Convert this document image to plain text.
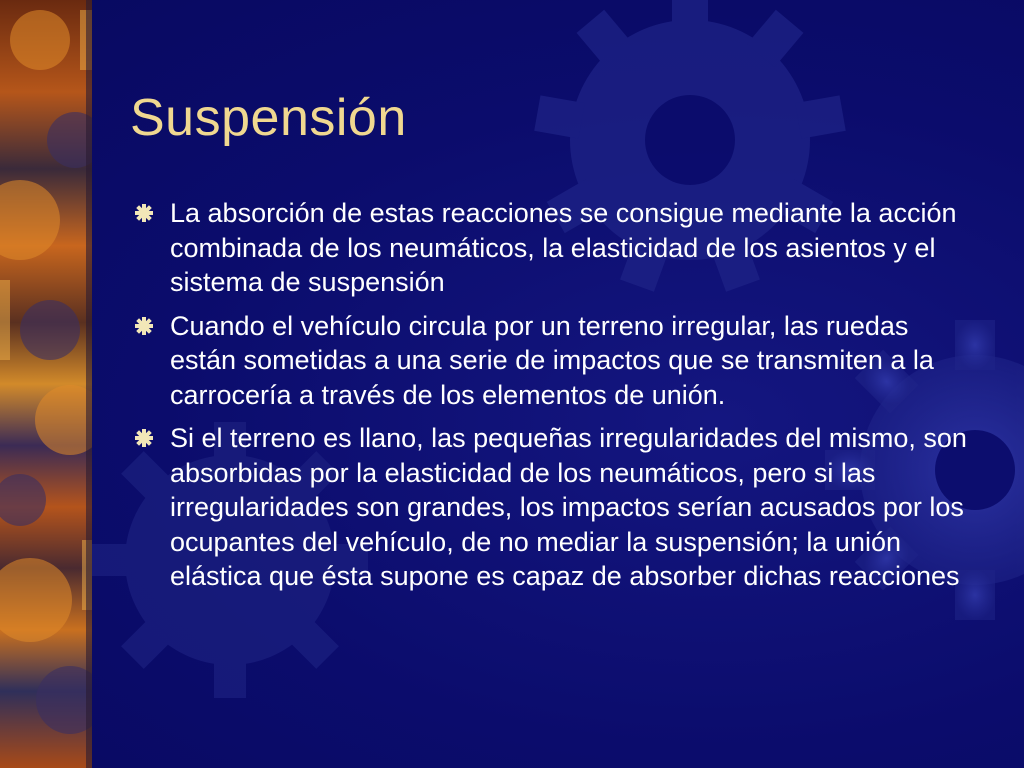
Suspensión
La absorción de estas reacciones se consigue mediante la acción combinada de los neumáticos, la elasticidad de los asientos y el sistema de suspensión
Cuando el vehículo circula por un terreno irregular, las ruedas están sometidas a una serie de impactos que se transmiten a la carrocería a través de los elementos de unión.
Si el terreno es llano, las pequeñas irregularidades del mismo, son absorbidas por la elasticidad de los neumáticos, pero si las irregularidades son grandes, los impactos serían acusados por los ocupantes del vehículo, de no mediar la suspensión; la unión elástica que ésta supone es capaz de absorber dichas reacciones
